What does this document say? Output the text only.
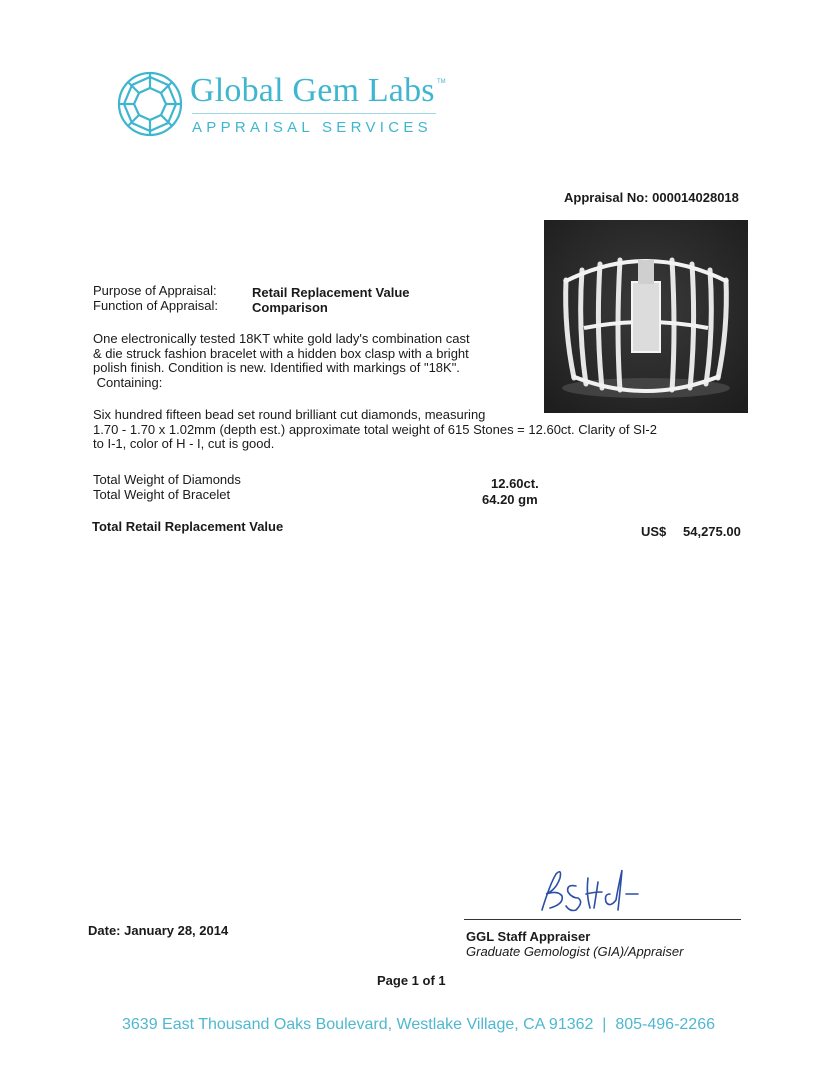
Global Gem Labs TM
APPRAISAL SERVICES
Appraisal No: 000014028018
Purpose of Appraisal:	Retail Replacement Value
Function of Appraisal:	Comparison
One electronically tested 18KT white gold lady's combination cast
& die struck fashion bracelet with a hidden box clasp with a bright
polish finish. Condition is new. Identified with markings of "18K".
Containing:
Six hundred fifteen bead set round brilliant cut diamonds, measuring
1.70 - 1.70 x 1.02mm (depth est.) approximate total weight of 615 Stones = 12.60ct. Clarity of SI-2
to I-1, color of H - I, cut is good.
Total Weight of Diamonds	12.60ct.
Total Weight of Bracelet	64.20 gm
Total Retail Replacement Value	US$ 54,275.00
Date: January 28, 2014	GGL Staff Appraiser
Graduate Gemologist (GIA)/Appraiser
Page 1 of 1
3639 East Thousand Oaks Boulevard, Westlake Village, CA 91362  |  805-496-2266
